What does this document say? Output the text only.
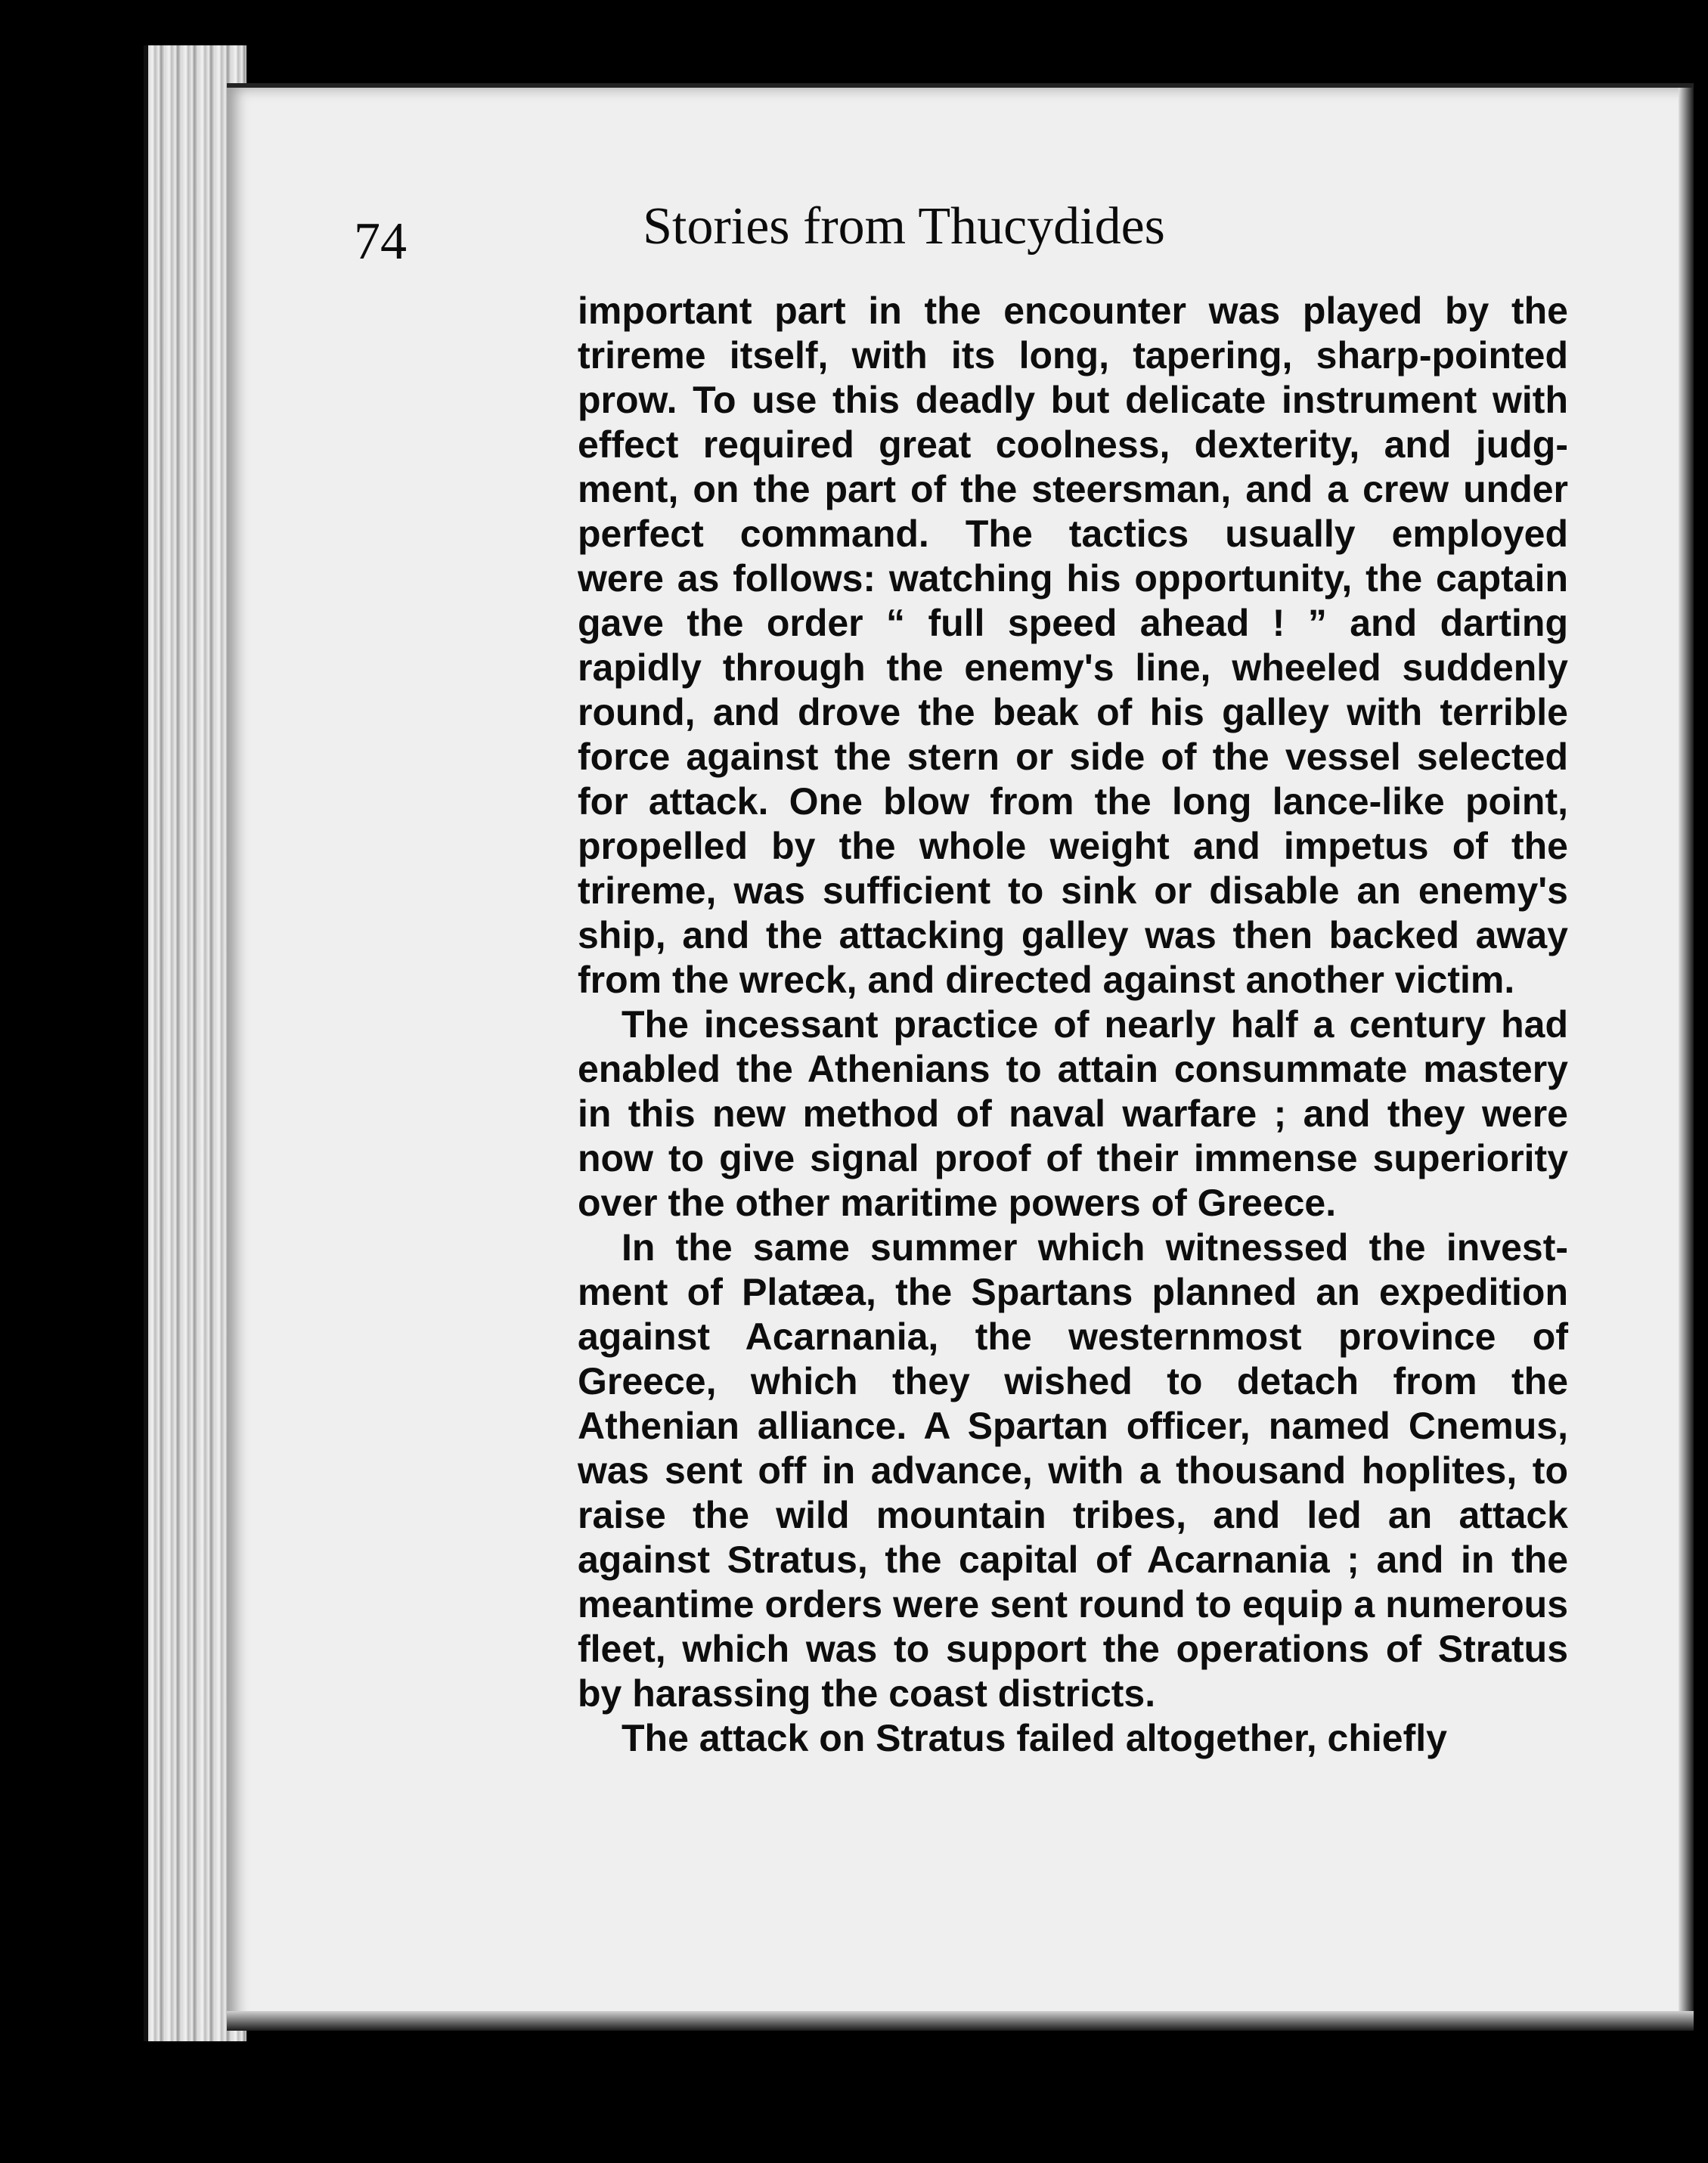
74	Stories from Thucydides
important part in the encounter was played by the
trireme itself, with its long, tapering, sharp-pointed
prow. To use this deadly but delicate instrument with
effect required great coolness, dexterity, and judg-
ment, on the part of the steersman, and a crew under
perfect command. The tactics usually employed
were as follows: watching his opportunity, the captain
gave the order “ full speed ahead ! ” and darting
rapidly through the enemy's line, wheeled suddenly
round, and drove the beak of his galley with terrible
force against the stern or side of the vessel selected
for attack. One blow from the long lance-like point,
propelled by the whole weight and impetus of the
trireme, was sufficient to sink or disable an enemy's
ship, and the attacking galley was then backed away
from the wreck, and directed against another victim.
The incessant practice of nearly half a century had
enabled the Athenians to attain consummate mastery
in this new method of naval warfare ; and they were
now to give signal proof of their immense superiority
over the other maritime powers of Greece.
In the same summer which witnessed the invest-
ment of Platæa, the Spartans planned an expedition
against Acarnania, the westernmost province of
Greece, which they wished to detach from the
Athenian alliance. A Spartan officer, named Cnemus,
was sent off in advance, with a thousand hoplites, to
raise the wild mountain tribes, and led an attack
against Stratus, the capital of Acarnania ; and in the
meantime orders were sent round to equip a numerous
fleet, which was to support the operations of Stratus
by harassing the coast districts.
The attack on Stratus failed altogether, chiefly
